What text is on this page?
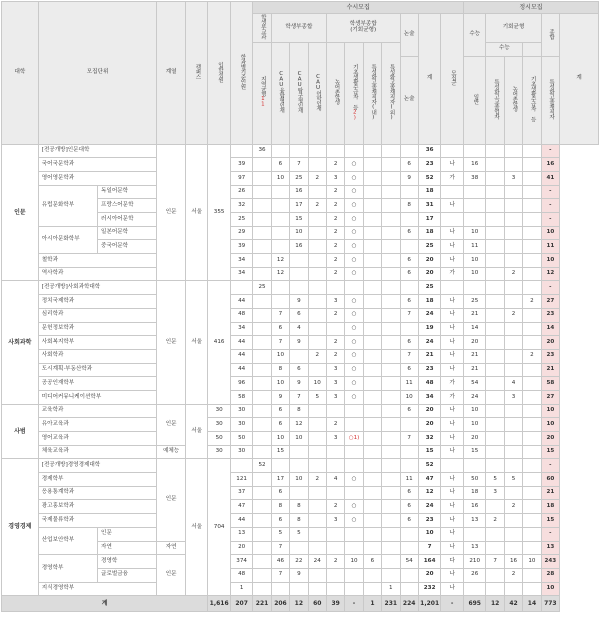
대학	모집단위		계열	캠퍼스	입학정원	학과별기준인원	수시모집											정시모집					
							학생부교과	학생부종합			학생부종합
(기회균형)				논술	계	모집군	수능	기회균형			종합	계
							지역균형11	CAU융합형인재	CAU탐구형인재	CAU어학인재	농어촌학생	기초생활수급자 등2)	특성화고졸재직자(내)	특성화고졸재직자(외)					수능				
															논술			일반	특성화고교졸업자	농어촌학생	기초생활수급자 등	특성화고졸재직자	
인문	[전공개방]인문대학		인문	서울	355		36									36						-	
	국어국문학과					39		6	7		2	○			6	23	나	16				16	
	영어영문학과					97		10	25	2	3	○			9	52	가	38		3		41	
	유럽문화학부	독일어문학				26			16		2	○				18						-	
		프랑스어문학				32			17	2	2	○			8	31	나					-	
		러시아어문학				25			15		2	○				17						-	
	아시아문화학부	일본어문학				29			10		2	○			6	18	나	10				10	
		중국어문학				39			16		2	○				25	나	11				11	
	철학과					34		12			2	○			6	20	나	10				10	
	역사학과					34		12			2	○			6	20	가	10		2		12	
사회과학	[전공개방]사회과학대학		인문	서울	416		25									25						-	
	정치국제학과					44			9		3	○			6	18	나	25			2	27	
	심리학과					48		7	6		2	○			7	24	나	21		2		23	
	문헌정보학과					34		6	4			○				19	나	14				14	
	사회복지학부					44		7	9		2	○			6	24	나	20				20	
	사회학과					44		10		2	2	○			7	21	나	21			2	23	
	도시계획·부동산학과					44		8	6		3	○			6	23	나	21				21	
	공공인재학부					96		10	9	10	3	○			11	48	가	54		4		58	
	미디어커뮤니케이션학부					58		9	7	5	3	○			10	34	가	24		3		27	
사범	교육학과		인문	서울	30	30		6	8						6	20	나	10				10	
	유아교육과				30	30		6	12		2					20	나	10				10	
	영어교육과				50	50		10	10		3	○1)			7	32	나	20				20	
	체육교육과		예체능		30	30		15								15	나	15				15	
경영경제	[전공개방]경영경제대학		인문	서울	704		52									52						-	
	경제학부					121		17	10	2	4	○			11	47	나	50	5	5		60	
	응용통계학과					37		6							6	12	나	18	3			21	
	광고홍보학과					47		8	8		2	○			6	24	나	16		2		18	
	국제물류학과					44		6	8		3	○			6	23	나	13	2			15	
	산업보안학부	인문				13		5	5							10	나					-	
		자연	자연			20		7								7	나	13				13	
	경영학부	경영학	인문			374		46	22	24	2	10	6		54	164	다	210	7	16	10	243	
		글로벌금융				48		7	9							20	나	26		2		28	
	지식경영학부					1								1		232	나					10	
계					1,616	207	221	206	12	60	39	-	1	231	224	1,201	-	695	12	42	14	773	
